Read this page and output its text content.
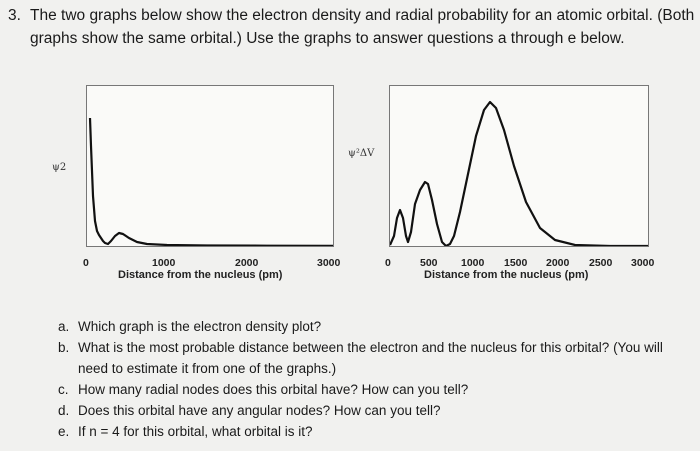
3. The two graphs below show the electron density and radial probability for an atomic orbital. (Both graphs show the same orbital.) Use the graphs to answer questions a through e below.
ψ2
0	1000	2000	3000
Distance from the nucleus (pm)
ψ²ΔV
0	500 1000 1500 2000 2500 3000
Distance from the nucleus (pm)
a. Which graph is the electron density plot?
b. What is the most probable distance between the electron and the nucleus for this orbital? (You will need to estimate it from one of the graphs.)
c. How many radial nodes does this orbital have? How can you tell?
d. Does this orbital have any angular nodes? How can you tell?
e. If n = 4 for this orbital, what orbital is it?
